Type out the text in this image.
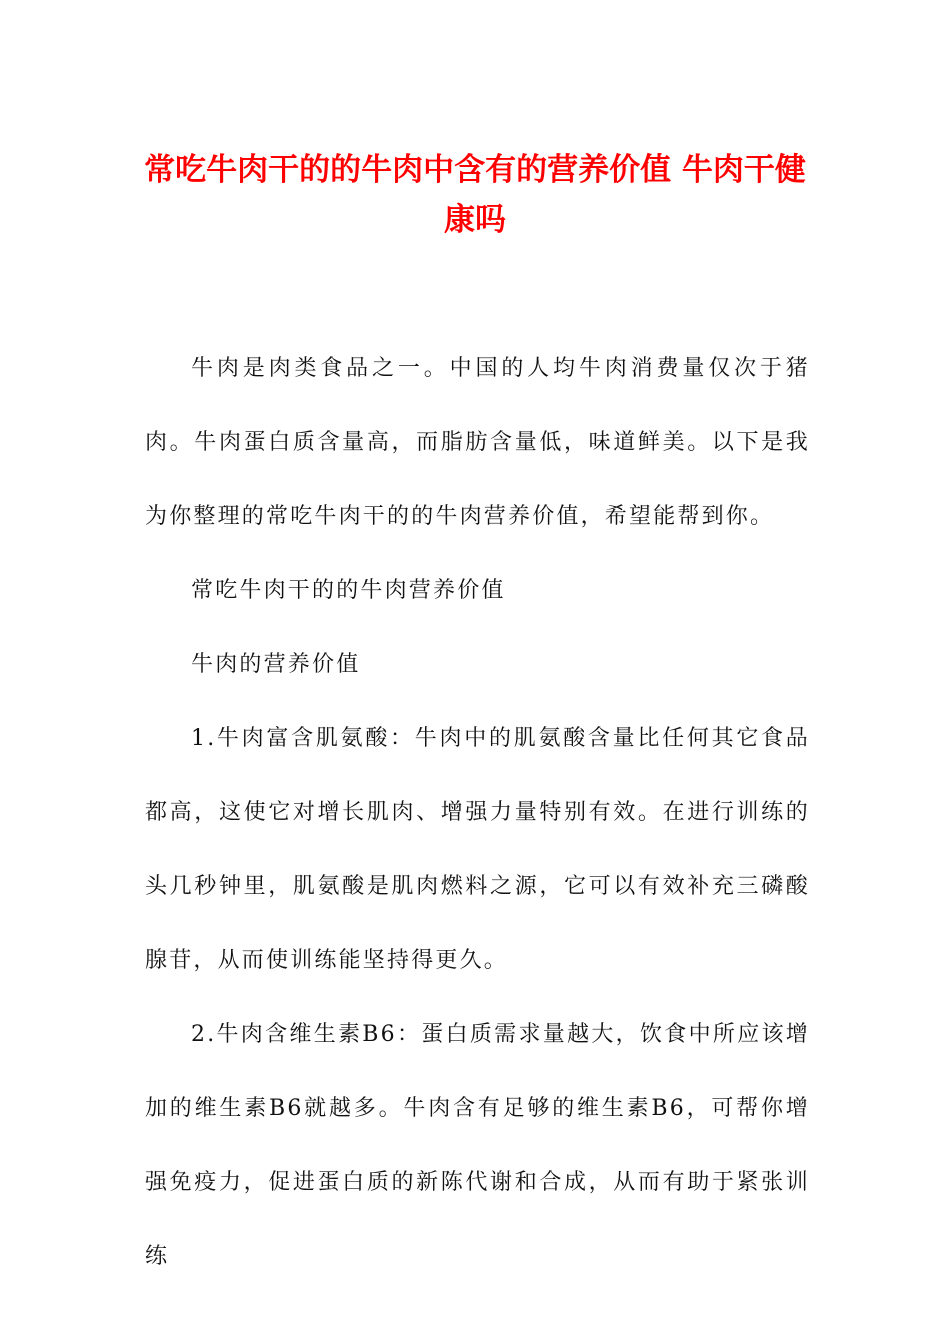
常吃牛肉干的的牛肉中含有的营养价值 牛肉干健康吗

牛肉是肉类食品之一。中国的人均牛肉消费量仅次于猪肉。牛肉蛋白质含量高，而脂肪含量低，味道鲜美。以下是我为你整理的常吃牛肉干的的牛肉营养价值，希望能帮到你。

常吃牛肉干的的牛肉营养价值

牛肉的营养价值

1.牛肉富含肌氨酸：牛肉中的肌氨酸含量比任何其它食品都高，这使它对增长肌肉、增强力量特别有效。在进行训练的头几秒钟里，肌氨酸是肌肉燃料之源，它可以有效补充三磷酸腺苷，从而使训练能坚持得更久。

2.牛肉含维生素B6：蛋白质需求量越大，饮食中所应该增加的维生素B6就越多。牛肉含有足够的维生素B6，可帮你增强免疫力，促进蛋白质的新陈代谢和合成，从而有助于紧张训练
